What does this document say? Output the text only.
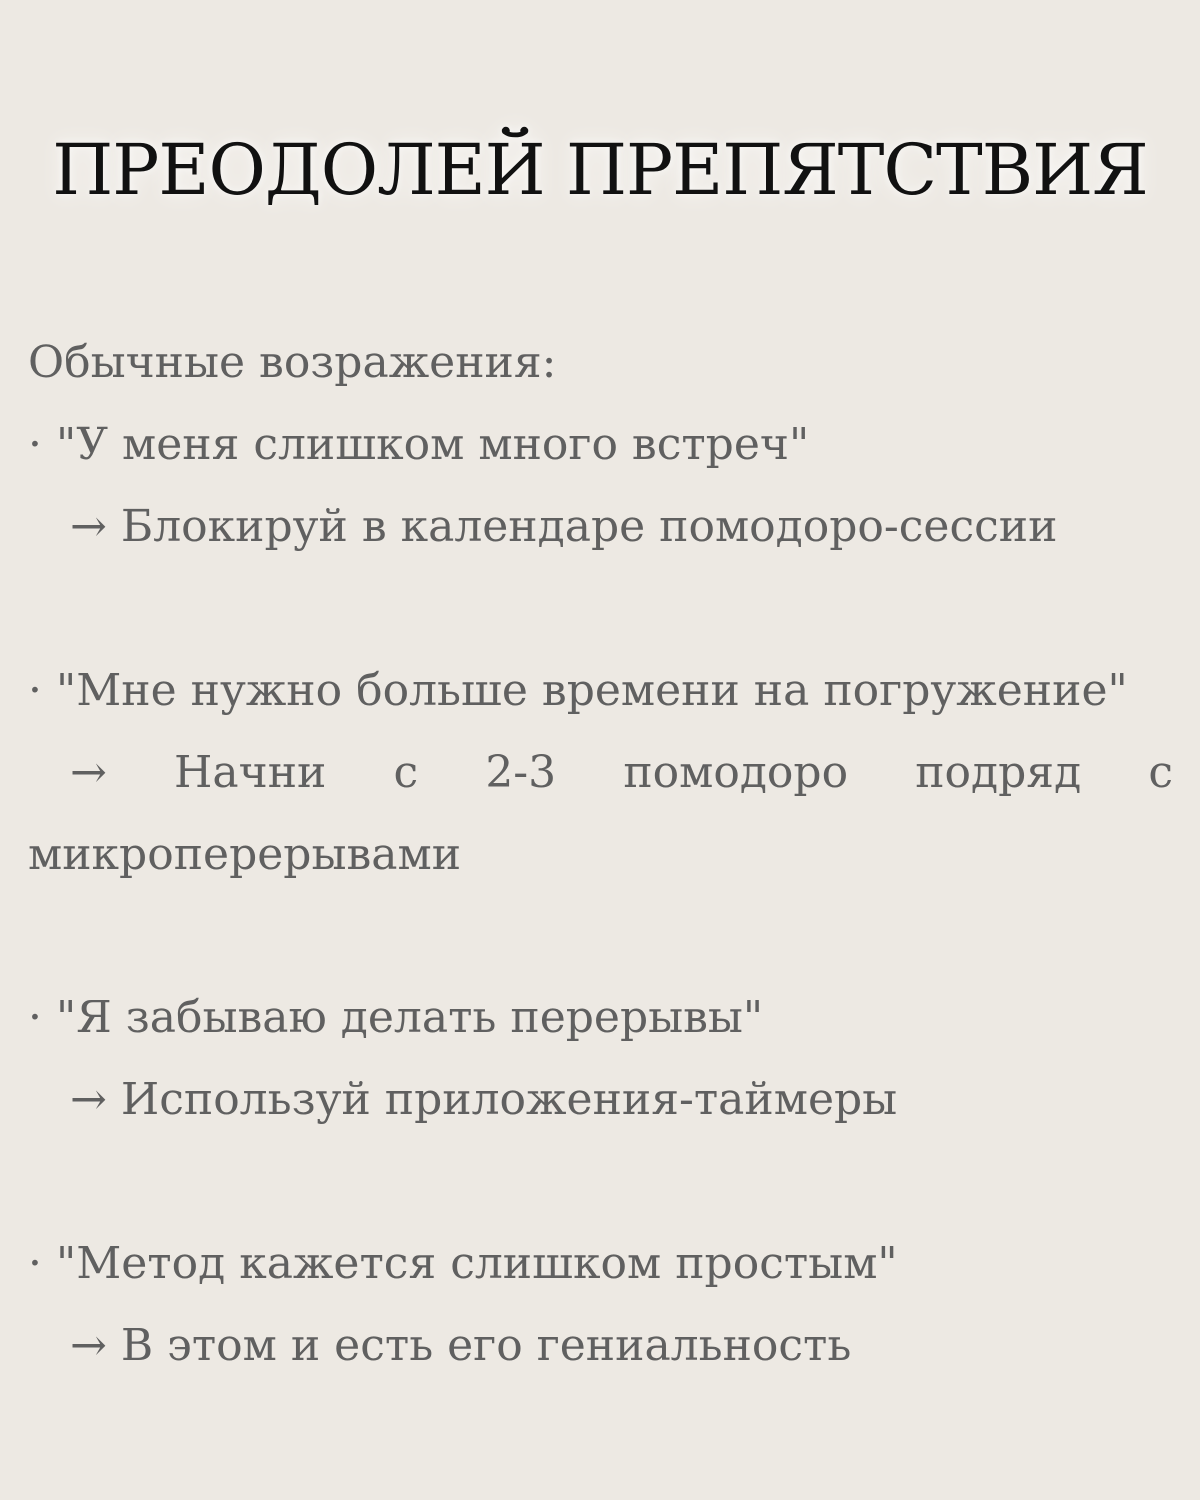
ПРЕОДОЛЕЙ ПРЕПЯТСТВИЯ
Обычные возражения:
· "У меня слишком много встреч"
→ Блокируй в календаре помодоро-сессии
· "Мне нужно больше времени на погружение"
→ Начни с 2-3 помодоро подряд с
микроперерывами
· "Я забываю делать перерывы"
→ Используй приложения-таймеры
· "Метод кажется слишком простым"
→ В этом и есть его гениальность
